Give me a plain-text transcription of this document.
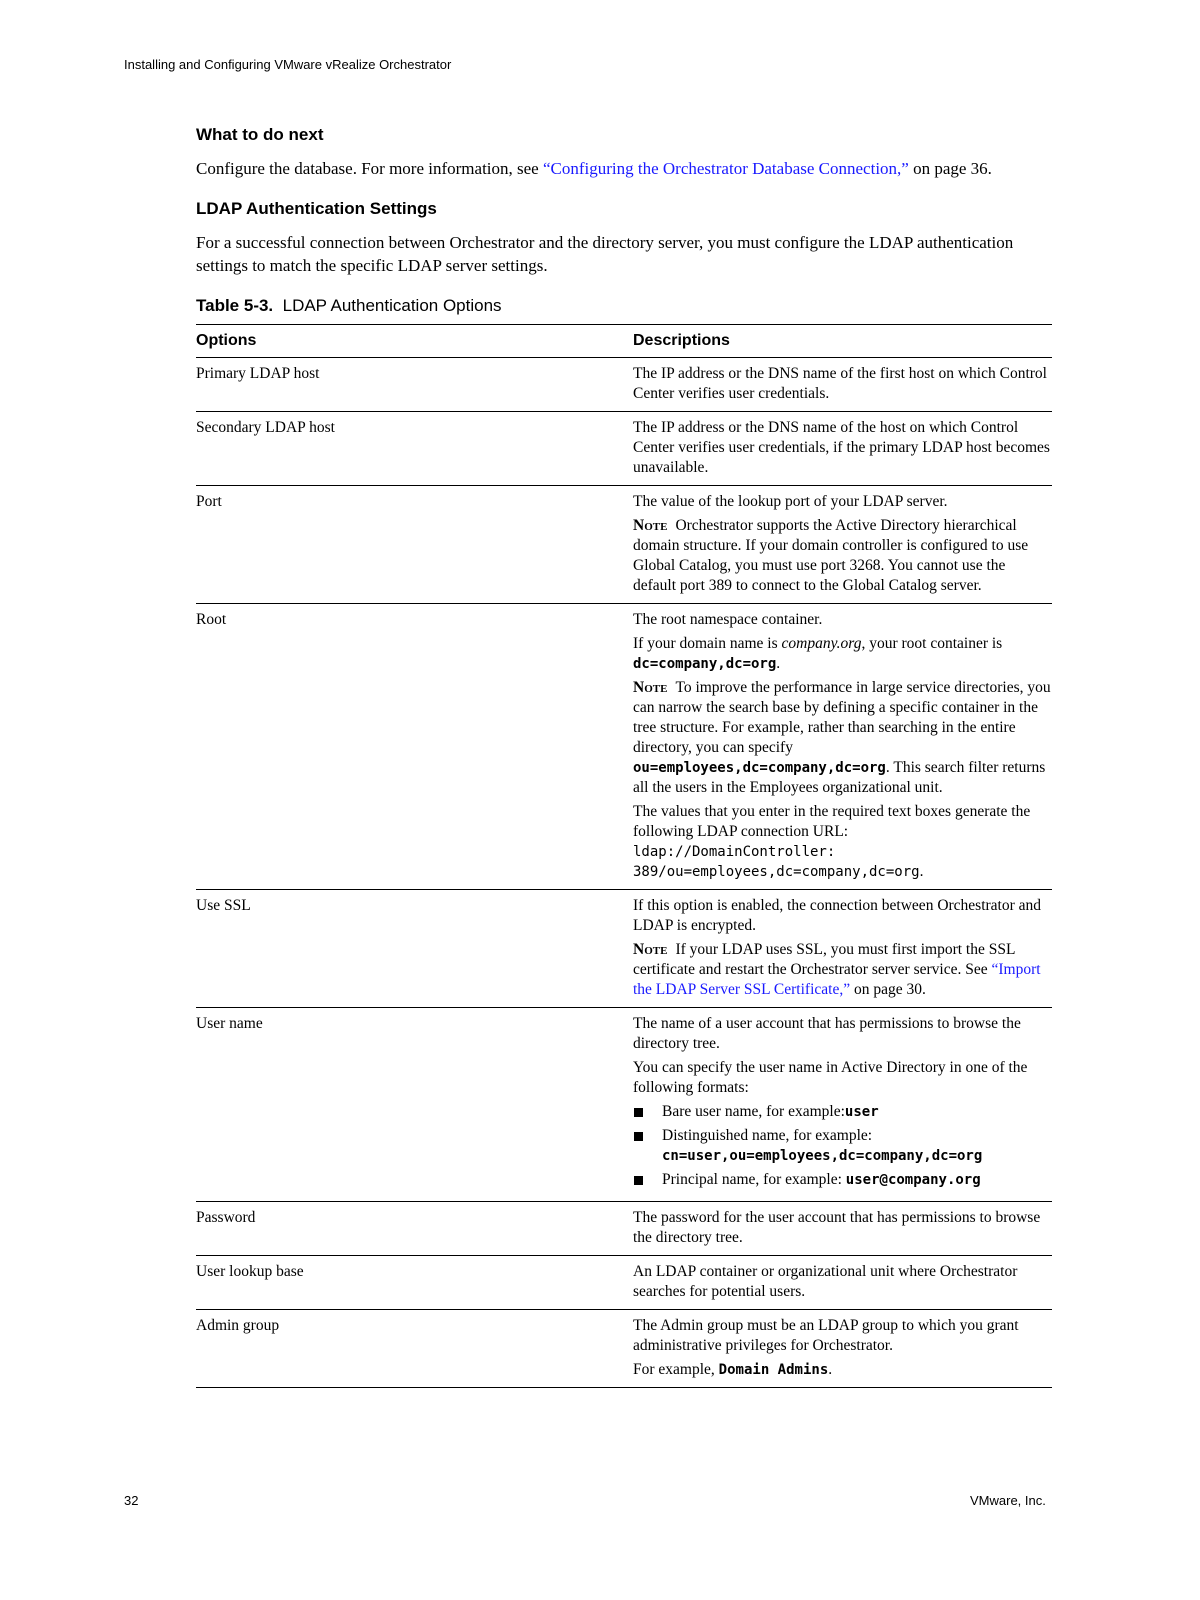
Installing and Configuring VMware vRealize Orchestrator
What to do next

Configure the database. For more information, see “Configuring the Orchestrator Database Connection,” on page 36.

LDAP Authentication Settings

For a successful connection between Orchestrator and the directory server, you must configure the LDAP authentication settings to match the specific LDAP server settings.

Table 5-3. LDAP Authentication Options
Options	Descriptions
Primary LDAP host	The IP address or the DNS name of the first host on which Control Center verifies user credentials.

Secondary LDAP host	The IP address or the DNS name of the host on which Control Center verifies user credentials, if the primary LDAP host becomes unavailable.

Port	The value of the lookup port of your LDAP server.
Note Orchestrator supports the Active Directory hierarchical domain structure. If your domain controller is configured to use Global Catalog, you must use port 3268. You cannot use the default port 389 to connect to the Global Catalog server.

Root	The root namespace container.
If your domain name is company.org, your root container is dc=company,dc=org.
Note To improve the performance in large service directories, you can narrow the search base by defining a specific container in the tree structure. For example, rather than searching in the entire directory, you can specify ou=employees,dc=company,dc=org. This search filter returns all the users in the Employees organizational unit.
The values that you enter in the required text boxes generate the following LDAP connection URL: ldap://DomainController: 389/ou=employees,dc=company,dc=org.

Use SSL	If this option is enabled, the connection between Orchestrator and LDAP is encrypted.
Note If your LDAP uses SSL, you must first import the SSL certificate and restart the Orchestrator server service. See “Import the LDAP Server SSL Certificate,” on page 30.

User name	The name of a user account that has permissions to browse the directory tree.
You can specify the user name in Active Directory in one of the following formats:
Bare user name, for example:user
Distinguished name, for example: cn=user,ou=employees,dc=company,dc=org
Principal name, for example: user@company.org

Password	The password for the user account that has permissions to browse the directory tree.

User lookup base	An LDAP container or organizational unit where Orchestrator searches for potential users.

Admin group	The Admin group must be an LDAP group to which you grant administrative privileges for Orchestrator.
For example, Domain Admins.
32	VMware, Inc.
